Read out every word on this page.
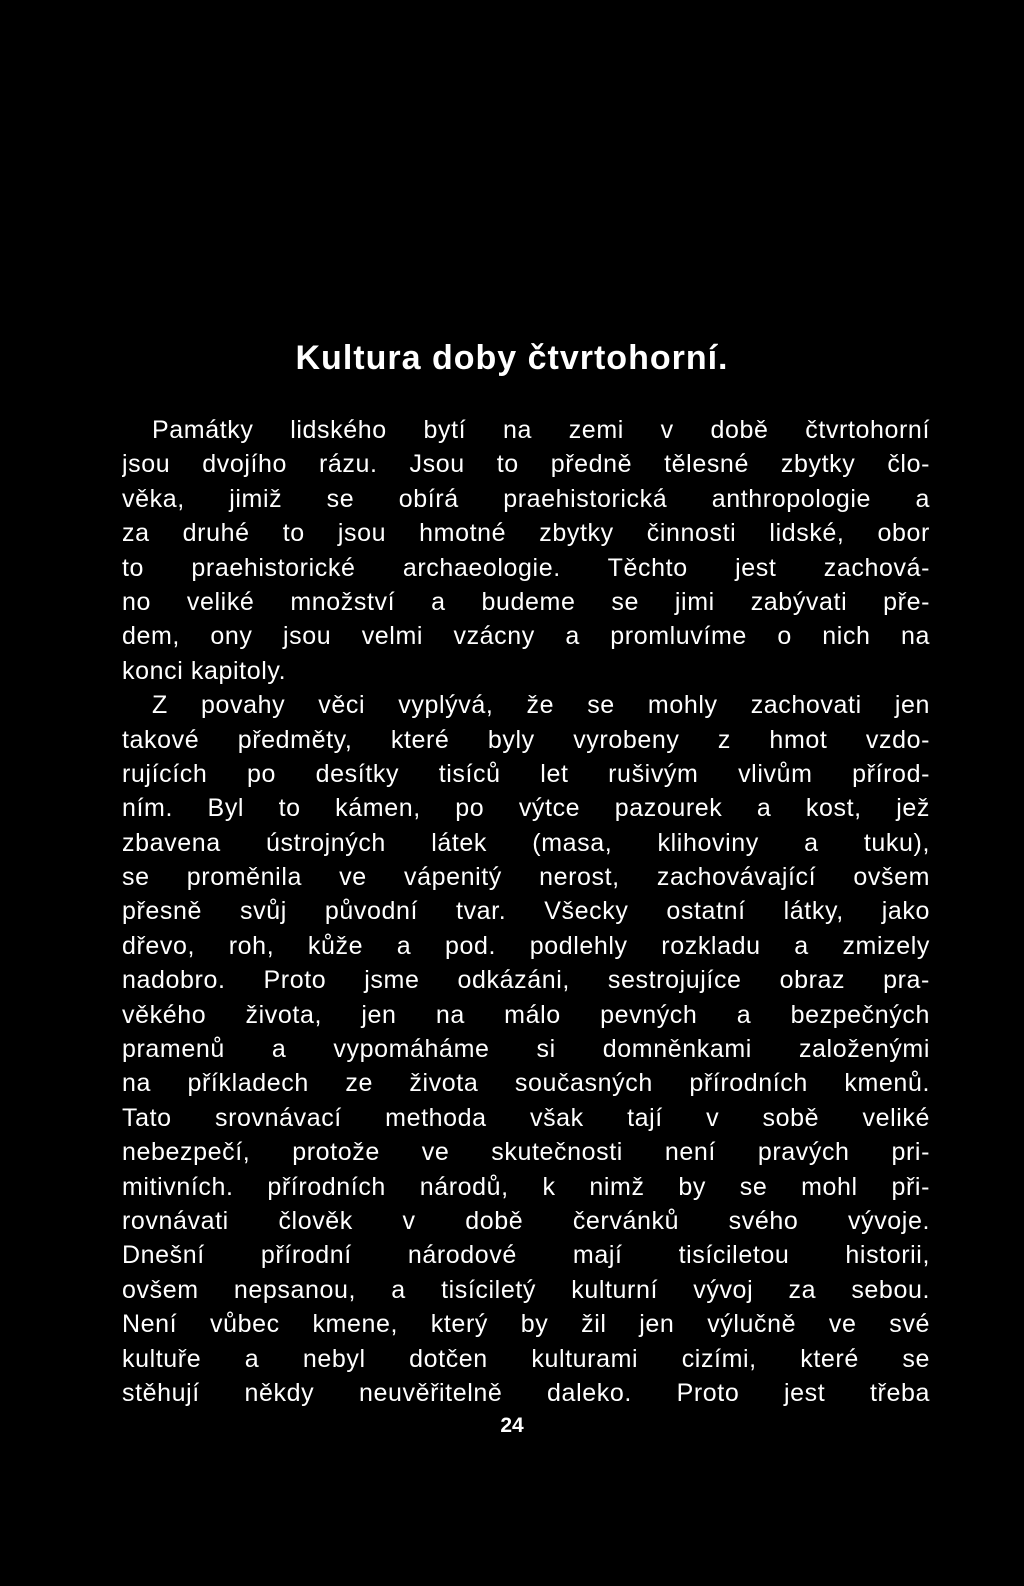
Kultura doby čtvrtohorní.
Památky lidského bytí na zemi v době čtvrtohorní
jsou dvojího rázu. Jsou to předně tělesné zbytky člo-
věka, jimiž se obírá praehistorická anthropologie a
za druhé to jsou hmotné zbytky činnosti lidské, obor
to praehistorické archaeologie. Těchto jest zachová-
no veliké množství a budeme se jimi zabývati pře-
dem, ony jsou velmi vzácny a promluvíme o nich na
konci kapitoly.
Z povahy věci vyplývá, že se mohly zachovati jen
takové předměty, které byly vyrobeny z hmot vzdo-
rujících po desítky tisíců let rušivým vlivům přírod-
ním. Byl to kámen, po výtce pazourek a kost, jež
zbavena ústrojných látek (masa, klihoviny a tuku),
se proměnila ve vápenitý nerost, zachovávající ovšem
přesně svůj původní tvar. Všecky ostatní látky, jako
dřevo, roh, kůže a pod. podlehly rozkladu a zmizely
nadobro. Proto jsme odkázáni, sestrojujíce obraz pra-
věkého života, jen na málo pevných a bezpečných
pramenů a vypomáháme si domněnkami založenými
na příkladech ze života současných přírodních kmenů.
Tato srovnávací methoda však tají v sobě veliké
nebezpečí, protože ve skutečnosti není pravých pri-
mitivních. přírodních národů, k nimž by se mohl při-
rovnávati člověk v době červánků svého vývoje.
Dnešní přírodní národové mají tisíciletou historii,
ovšem nepsanou, a tisíciletý kulturní vývoj za sebou.
Není vůbec kmene, který by žil jen výlučně ve své
kultuře a nebyl dotčen kulturami cizími, které se
stěhují někdy neuvěřitelně daleko. Proto jest třeba
24
